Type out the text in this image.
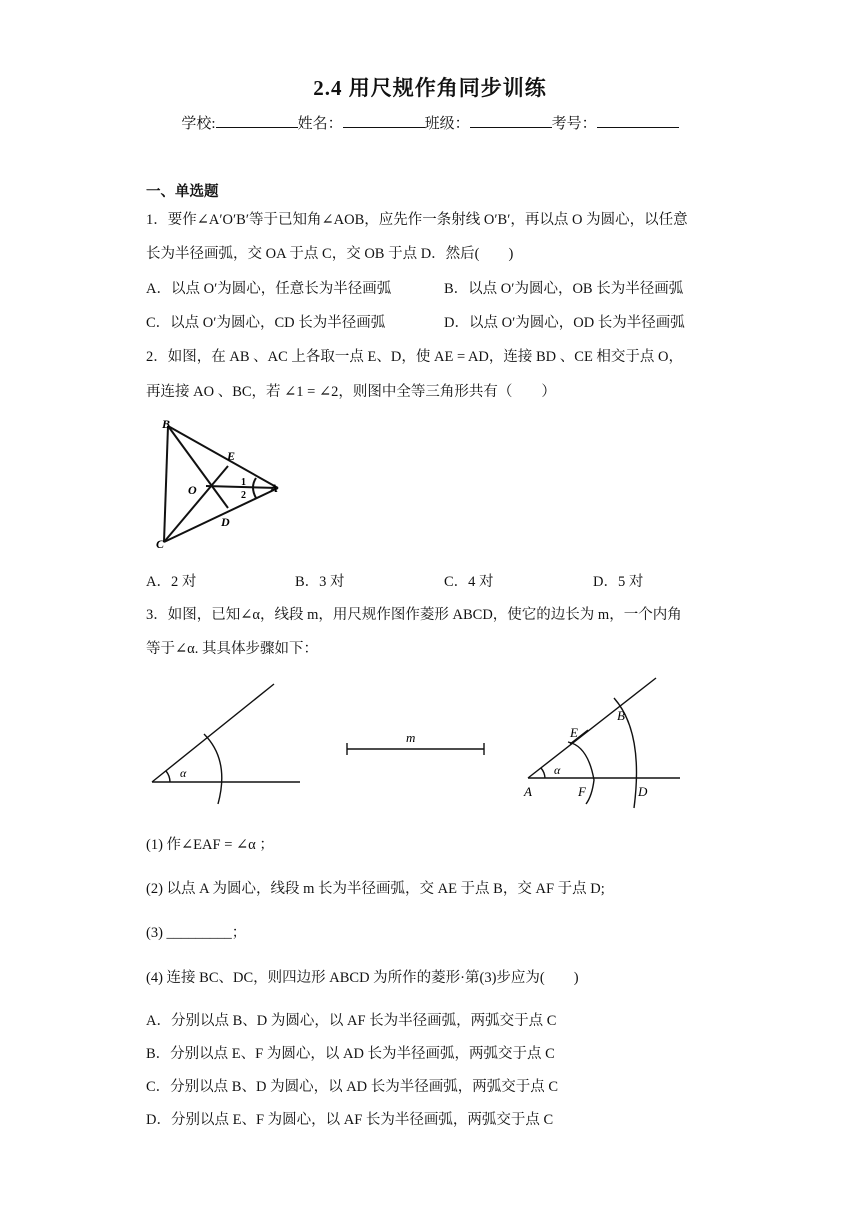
2.4 用尺规作角同步训练
学校:	姓名：	班级：	考号：
一、单选题
1．要作∠A′O′B′等于已知角∠AOB，应先作一条射线 O′B′，再以点 O 为圆心，以任意
长为半径画弧，交 OA 于点 C，交 OB 于点 D．然后(　　)
A．以点 O′为圆心，任意长为半径画弧	B．以点 O′为圆心，OB 长为半径画弧
C．以点 O′为圆心，CD 长为半径画弧	D．以点 O′为圆心，OD 长为半径画弧
2．如图，在 AB 、AC 上各取一点 E、D，使 AE = AD，连接 BD 、CE 相交于点 O，
再连接 AO 、BC，若 ∠1 = ∠2，则图中全等三角形共有（　　）
B
E
O
1
2
A
D
C
A．2 对	B．3 对	C．4 对	D．5 对
3．如图，已知∠α，线段 m，用尺规作图作菱形 ABCD，使它的边长为 m，一个内角
等于∠α. 其具体步骤如下：
α
m
α
A
E
B
F	D
(1) 作∠EAF = ∠α ；
(2) 以点 A 为圆心，线段 m 长为半径画弧，交 AE 于点 B，交 AF 于点 D;
(3) _________；
(4) 连接 BC、DC，则四边形 ABCD 为所作的菱形·第(3)步应为(　　)
A．分别以点 B、D 为圆心，以 AF 长为半径画弧，两弧交于点 C
B．分别以点 E、F 为圆心，以 AD 长为半径画弧，两弧交于点 C
C．分别以点 B、D 为圆心，以 AD 长为半径画弧，两弧交于点 C
D．分别以点 E、F 为圆心，以 AF 长为半径画弧，两弧交于点 C
